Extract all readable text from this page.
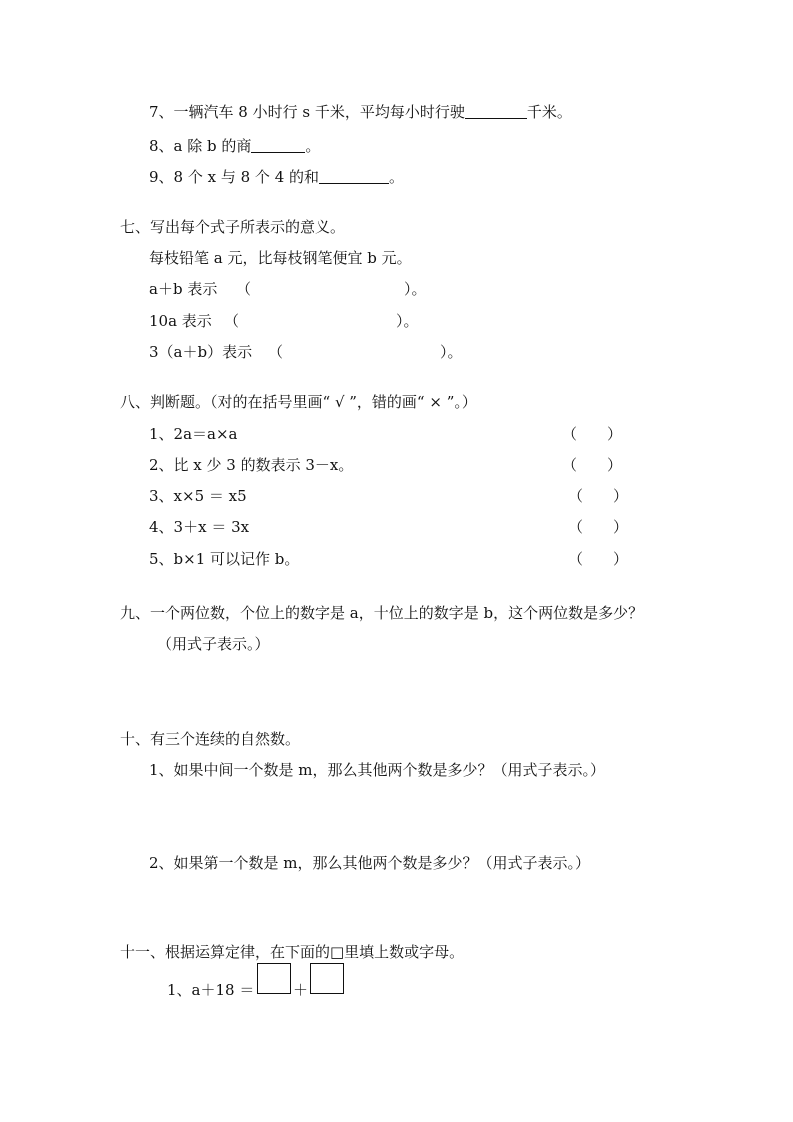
7、一辆汽车 8 小时行 s 千米，平均每小时行驶	千米。
8、a 除 b 的商	。
9、8 个 x 与 8 个 4 的和	。
七、写出每个式子所表示的意义。
每枝铅笔 a 元，比每枝钢笔便宜 b 元。
a＋b 表示 （	）。
10a 表示 （	）。
3（a＋b）表示 （	）。
八、判断题。（对的在括号里画“ √ ”，错的画“ × ”。）
1、2a＝a×a	（　　）
2、比 x 少 3 的数表示 3－x。	（　　）
3、x×5 ＝ x5	（　　）
4、3＋x ＝ 3x	（　　）
5、b×1 可以记作 b。	（　　）
九、一个两位数，个位上的数字是 a，十位上的数字是 b，这个两位数是多少？
（用式子表示。）
十、有三个连续的自然数。
1、如果中间一个数是 m，那么其他两个数是多少？（用式子表示。）
2、如果第一个数是 m，那么其他两个数是多少？（用式子表示。）
十一、根据运算定律，在下面的□里填上数或字母。
1、a＋18 ＝	＋
